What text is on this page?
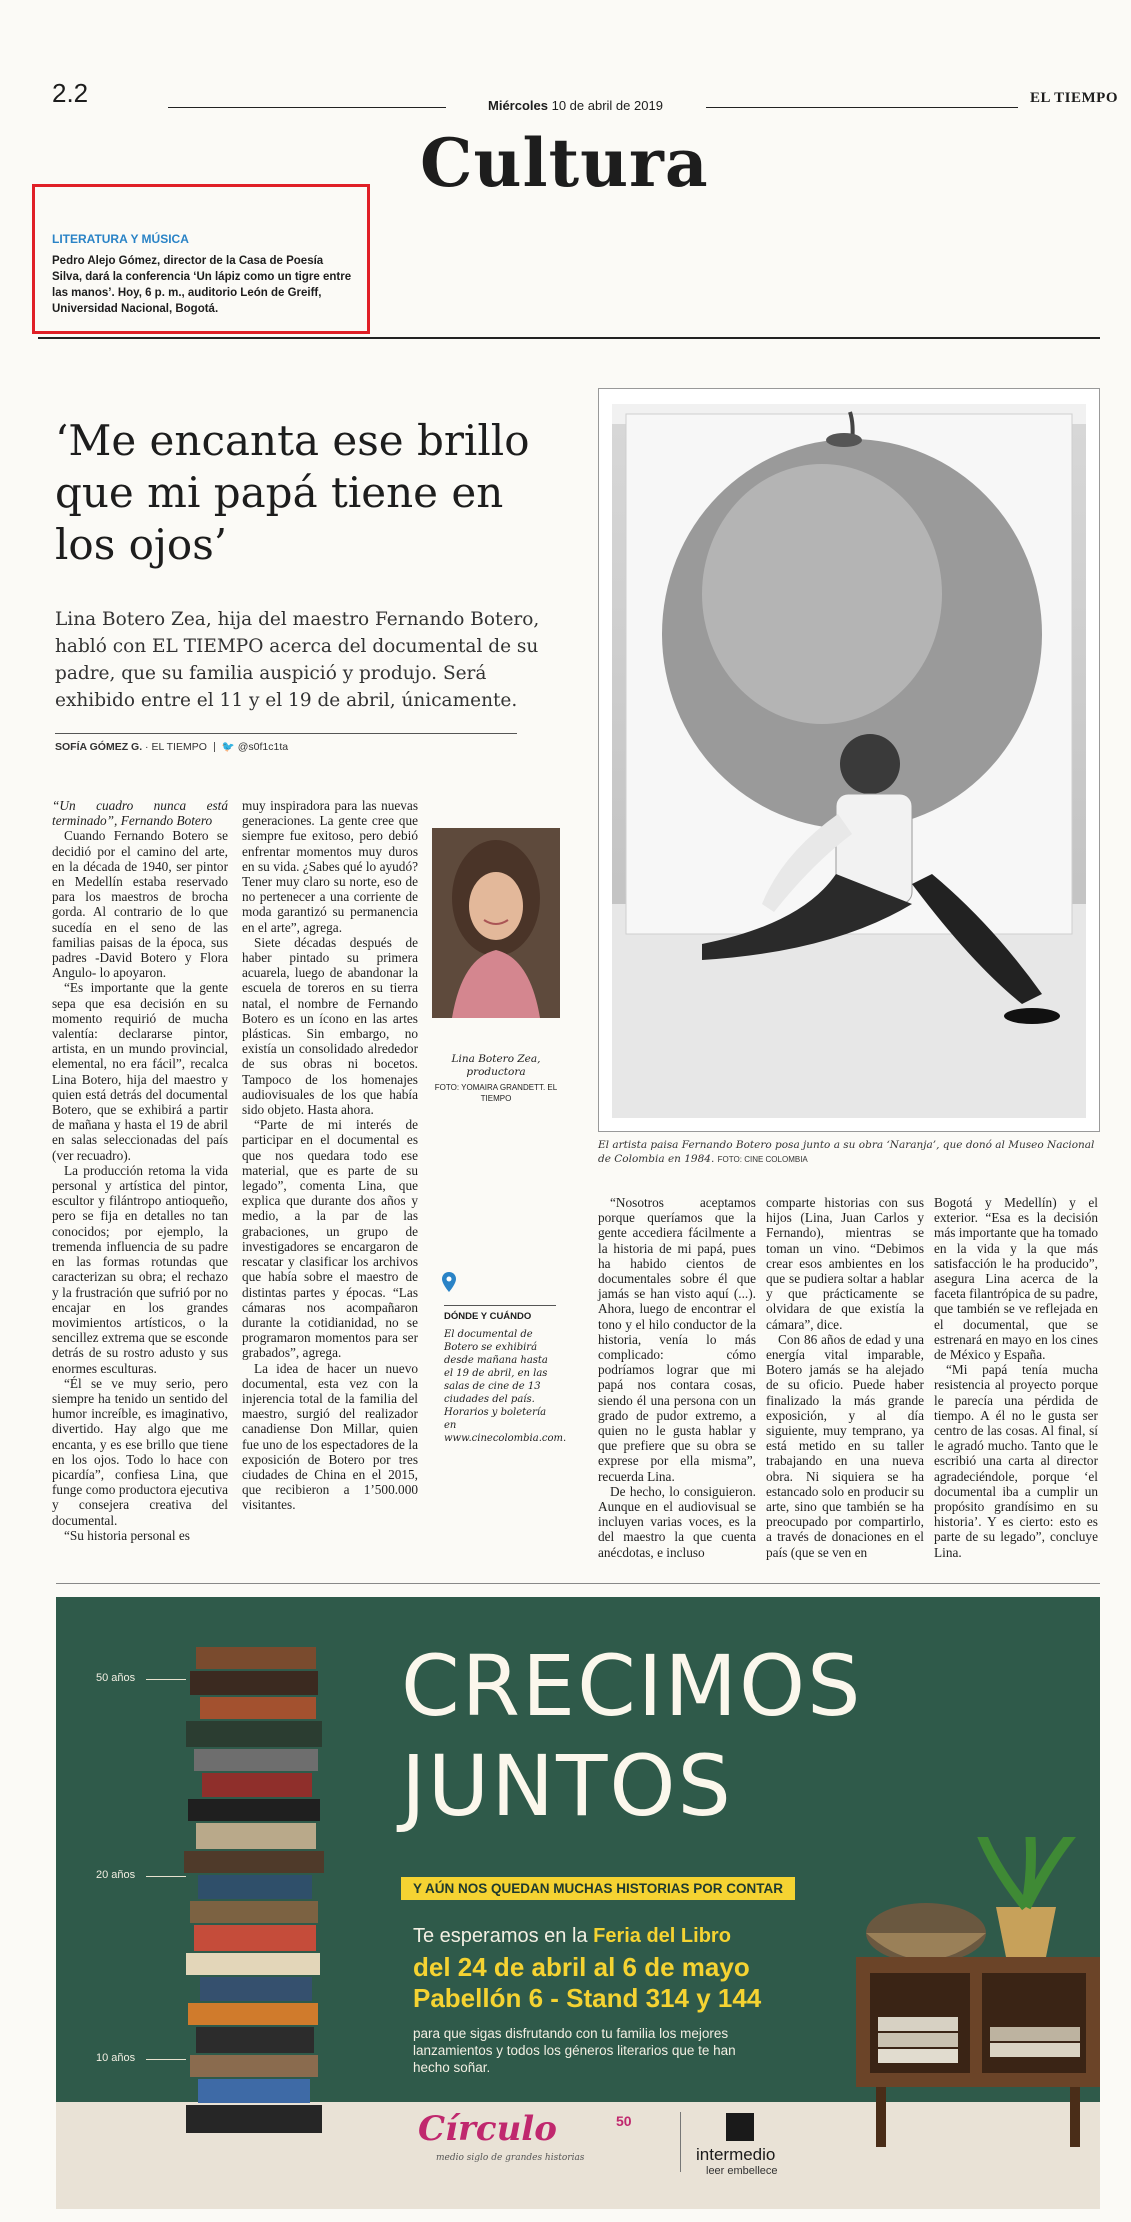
2.2	Miércoles 10 de abril de 2019	EL TIEMPO
Cultura
LITERATURA Y MÚSICA
Pedro Alejo Gómez, director de la Casa de Poesía Silva, dará la conferencia ‘Un lápiz como un tigre entre las manos’. Hoy, 6 p. m., auditorio León de Greiff, Universidad Nacional, Bogotá.
‘Me encanta ese brillo que mi papá tiene en los ojos’
Lina Botero Zea, hija del maestro Fernando Botero, habló con EL TIEMPO acerca del documental de su padre, que su familia auspició y produjo. Será exhibido entre el 11 y el 19 de abril, únicamente.
SOFÍA GÓMEZ G. · EL TIEMPO 🐦 @s0f1c1ta
El artista paisa Fernando Botero posa junto a su obra ‘Naranja’, que donó al Museo Nacional de Colombia en 1984. FOTO: CINE COLOMBIA

“Un cuadro nunca está terminado”, Fernando Botero

Cuando Fernando Botero se decidió por el camino del arte, en la década de 1940, ser pintor en Medellín estaba reservado para los maestros de brocha gorda. Al contrario de lo que sucedía en el seno de las familias paisas de la época, sus padres -David Botero y Flora Angulo- lo apoyaron.

“Es importante que la gente sepa que esa decisión en su momento requirió de mucha valentía: declararse pintor, artista, en un mundo provincial, elemental, no era fácil”, recalca Lina Botero, hija del maestro y quien está detrás del documental Botero, que se exhibirá a partir de mañana y hasta el 19 de abril en salas seleccionadas del país (ver recuadro).

La producción retoma la vida personal y artística del pintor, escultor y filántropo antioqueño, pero se fija en detalles no tan conocidos; por ejemplo, la tremenda influencia de su padre en las formas rotundas que caracterizan su obra; el rechazo y la frustración que sufrió por no encajar en los grandes movimientos artísticos, o la sencillez extrema que se esconde detrás de su rostro adusto y sus enormes esculturas.

“Él se ve muy serio, pero siempre ha tenido un sentido del humor increíble, es imaginativo, divertido. Hay algo que me encanta, y es ese brillo que tiene en los ojos. Todo lo hace con picardía”, confiesa Lina, que funge como productora ejecutiva y consejera creativa del documental.

“Su historia personal es

muy inspiradora para las nuevas generaciones. La gente cree que siempre fue exitoso, pero debió enfrentar momentos muy duros en su vida. ¿Sabes qué lo ayudó? Tener muy claro su norte, eso de no pertenecer a una corriente de moda garantizó su permanencia en el arte”, agrega.

Siete décadas después de haber pintado su primera acuarela, luego de abandonar la escuela de toreros en su tierra natal, el nombre de Fernando Botero es un ícono en las artes plásticas. Sin embargo, no existía un consolidado alrededor de sus obras ni bocetos. Tampoco de los homenajes audiovisuales de los que había sido objeto. Hasta ahora.

“Parte de mi interés de participar en el documental es que nos quedara todo ese material, que es parte de su legado”, comenta Lina, que explica que durante dos años y medio, a la par de las grabaciones, un grupo de investigadores se encargaron de rescatar y clasificar los archivos que había sobre el maestro de distintas partes y épocas. “Las cámaras nos acompañaron durante la cotidianidad, no se programaron momentos para ser grabados”, agrega.

La idea de hacer un nuevo documental, esta vez con la injerencia total de la familia del maestro, surgió del realizador canadiense Don Millar, quien fue uno de los espectadores de la exposición de Botero por tres ciudades de China en el 2015, que recibieron a 1’500.000 visitantes.

Lina Botero Zea, productora
FOTO: YOMAIRA GRANDETT. EL TIEMPO
DÓNDE Y CUÁNDO
El documental de Botero se exhibirá desde mañana hasta el 19 de abril, en las salas de cine de 13 ciudades del país. Horarios y boletería en www.cinecolombia.com.

“Nosotros aceptamos porque queríamos que la gente accediera fácilmente a la historia de mi papá, pues ha habido cientos de documentales sobre él que jamás se han visto aquí (...). Ahora, luego de encontrar el tono y el hilo conductor de la historia, venía lo más complicado: cómo podríamos lograr que mi papá nos contara cosas, siendo él una persona con un grado de pudor extremo, a quien no le gusta hablar y que prefiere que su obra se exprese por ella misma”, recuerda Lina.

De hecho, lo consiguieron. Aunque en el audiovisual se incluyen varias voces, es la del maestro la que cuenta anécdotas, e incluso

comparte historias con sus hijos (Lina, Juan Carlos y Fernando), mientras se toman un vino. “Debimos crear esos ambientes en los que se pudiera soltar a hablar y que prácticamente se olvidara de que existía la cámara”, dice.

Con 86 años de edad y una energía vital imparable, Botero jamás se ha alejado de su oficio. Puede haber finalizado la más grande exposición, y al día siguiente, muy temprano, ya está metido en su taller trabajando en una nueva obra. Ni siquiera se ha estancado solo en producir su arte, sino que también se ha preocupado por compartirlo, a través de donaciones en el país (que se ven en

Bogotá y Medellín) y el exterior. “Esa es la decisión más importante que ha tomado en la vida y la que más satisfacción le ha producido”, asegura Lina acerca de la faceta filantrópica de su padre, que también se ve reflejada en el documental, que se estrenará en mayo en los cines de México y España.

“Mi papá tenía mucha resistencia al proyecto porque le parecía una pérdida de tiempo. A él no le gusta ser centro de las cosas. Al final, sí le agradó mucho. Tanto que le escribió una carta al director agradeciéndole, porque ‘el documental iba a cumplir un propósito grandísimo en su historia’. Y es cierto: esto es parte de su legado”, concluye Lina.

50 años
20 años
10 años
CRECIMOS
JUNTOS
Y AÚN NOS QUEDAN MUCHAS HISTORIAS POR CONTAR
Te esperamos en la Feria del Libro
del 24 de abril al 6 de mayo
Pabellón 6 - Stand 314 y 144
para que sigas disfrutando con tu familia los mejores lanzamientos y todos los géneros literarios que te han hecho soñar.
Círculo	50
medio siglo de grandes historias	intermedio
leer embellece
